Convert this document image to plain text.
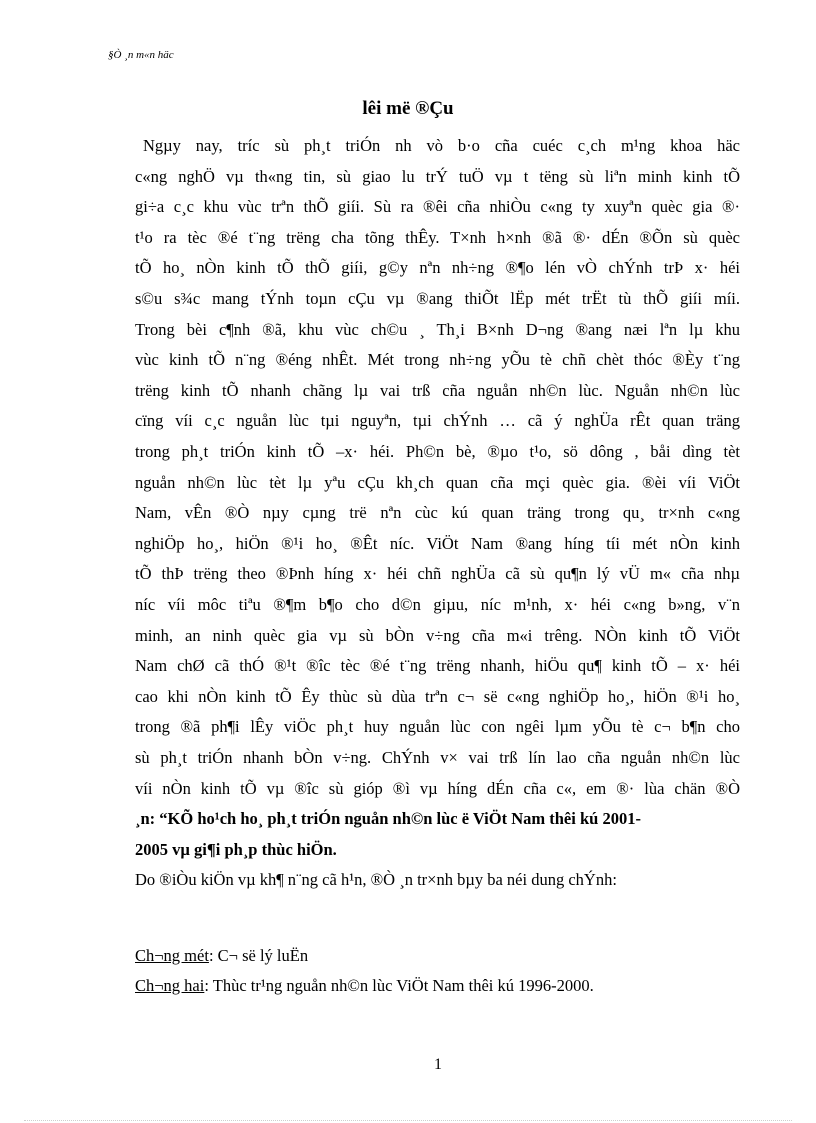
§Ò ¸n m«n häc
lêi më ®Çu
Ngµy nay, tríc sù ph¸t triÓn nh vò b·o cña cuéc c¸ch m¹ng khoa häc
c«ng nghÖ vµ th«ng tin, sù giao lu trÝ tuÖ vµ t tëng sù liªn minh kinh tÕ
gi÷a c¸c khu vùc trªn thÕ giíi. Sù ra ®êi cña nhiÒu c«ng ty xuyªn quèc gia ®·
t¹o ra tèc ®é t¨ng trëng cha tõng thÊy. T×nh h×nh ®ã ®· dÉn ®Õn sù quèc
tÕ ho¸ nÒn kinh tÕ thÕ giíi, g©y nªn nh÷ng ®¶o lén vÒ chÝnh trÞ x· héi
s©u s¾c mang tÝnh toµn cÇu vµ ®ang thiÕt lËp mét trËt tù thÕ giíi míi.
Trong bèi c¶nh ®ã, khu vùc ch©u ¸ Th¸i B×nh D¬ng ®ang næi lªn lµ khu
vùc kinh tÕ n¨ng ®éng nhÊt. Mét trong nh÷ng yÕu tè chñ chèt thóc ®Èy t¨ng
trëng kinh tÕ nhanh chãng lµ vai trß cña nguån nh©n lùc. Nguån nh©n lùc
cïng víi c¸c nguån lùc tµi nguyªn, tµi chÝnh … cã ý nghÜa rÊt quan träng
trong ph¸t triÓn kinh tÕ –x· héi. Ph©n bè, ®µo t¹o, sö dông , båi dìng tèt
nguån nh©n lùc tèt lµ yªu cÇu kh¸ch quan cña mçi quèc gia. ®èi víi ViÖt
Nam, vÊn ®Ò nµy cµng trë nªn cùc kú quan träng trong qu¸ tr×nh c«ng
nghiÖp ho¸, hiÖn ®¹i ho¸ ®Êt níc. ViÖt Nam ®ang híng tíi mét nÒn kinh
tÕ thÞ trëng theo ®Þnh híng x· héi chñ nghÜa cã sù qu¶n lý vÜ m« cña nhµ
níc víi môc tiªu ®¶m b¶o cho d©n giµu, níc m¹nh, x· héi c«ng b»ng, v¨n
minh, an ninh quèc gia vµ sù bÒn v÷ng cña m«i trêng. NÒn kinh tÕ ViÖt
Nam chØ cã thÓ ®¹t ®îc tèc ®é t¨ng trëng nhanh, hiÖu qu¶ kinh tÕ – x· héi
cao khi nÒn kinh tÕ Êy thùc sù dùa trªn c¬ së c«ng nghiÖp ho¸, hiÖn ®¹i ho¸
trong ®ã ph¶i lÊy viÖc ph¸t huy nguån lùc con ngêi lµm yÕu tè c¬ b¶n cho
sù ph¸t triÓn nhanh bÒn v÷ng. ChÝnh v× vai trß lín lao cña nguån nh©n lùc
víi nÒn kinh tÕ vµ ®îc sù gióp ®ì vµ híng dÉn cña c«, em ®· lùa chän ®Ò
¸n: “KÕ ho¹ch ho¸ ph¸t triÓn nguån nh©n lùc ë ViÖt Nam thêi kú 2001-
2005 vµ gi¶i ph¸p thùc hiÖn.
Do ®iÒu kiÖn vµ kh¶ n¨ng cã h¹n, ®Ò ¸n tr×nh bµy ba néi dung chÝnh:
Ch¬ng mét: C¬ së lý luËn
Ch¬ng hai: Thùc tr¹ng nguån nh©n lùc ViÖt Nam thêi kú 1996-2000.
1
